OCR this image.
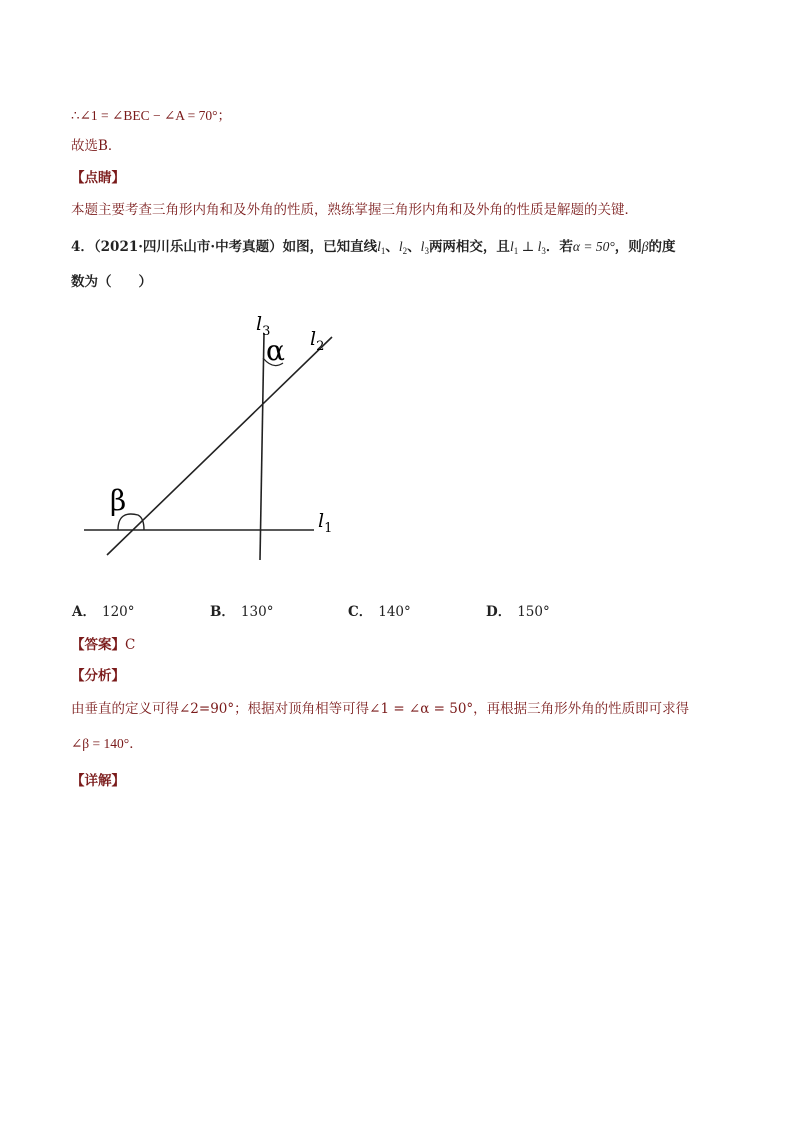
∴∠1 = ∠BEC − ∠A = 70°；
故选B．
【点睛】
本题主要考查三角形内角和及外角的性质，熟练掌握三角形内角和及外角的性质是解题的关键．
4．（2021·四川乐山市·中考真题）如图，已知直线$l_1$、$l_2$、$l_3$两两相交，且$l_1$ ⊥ $l_3$．若α = 50°，则β的度
数为（　　）
$l_3$ $l_2$
$l_1$
α
β
A． 120°	B． 130°	C． 140°	D． 150°
【答案】C
【分析】
由垂直的定义可得∠2=90°；根据对顶角相等可得∠1 = ∠α = 50°，再根据三角形外角的性质即可求得
∠β = 140°．
【详解】
